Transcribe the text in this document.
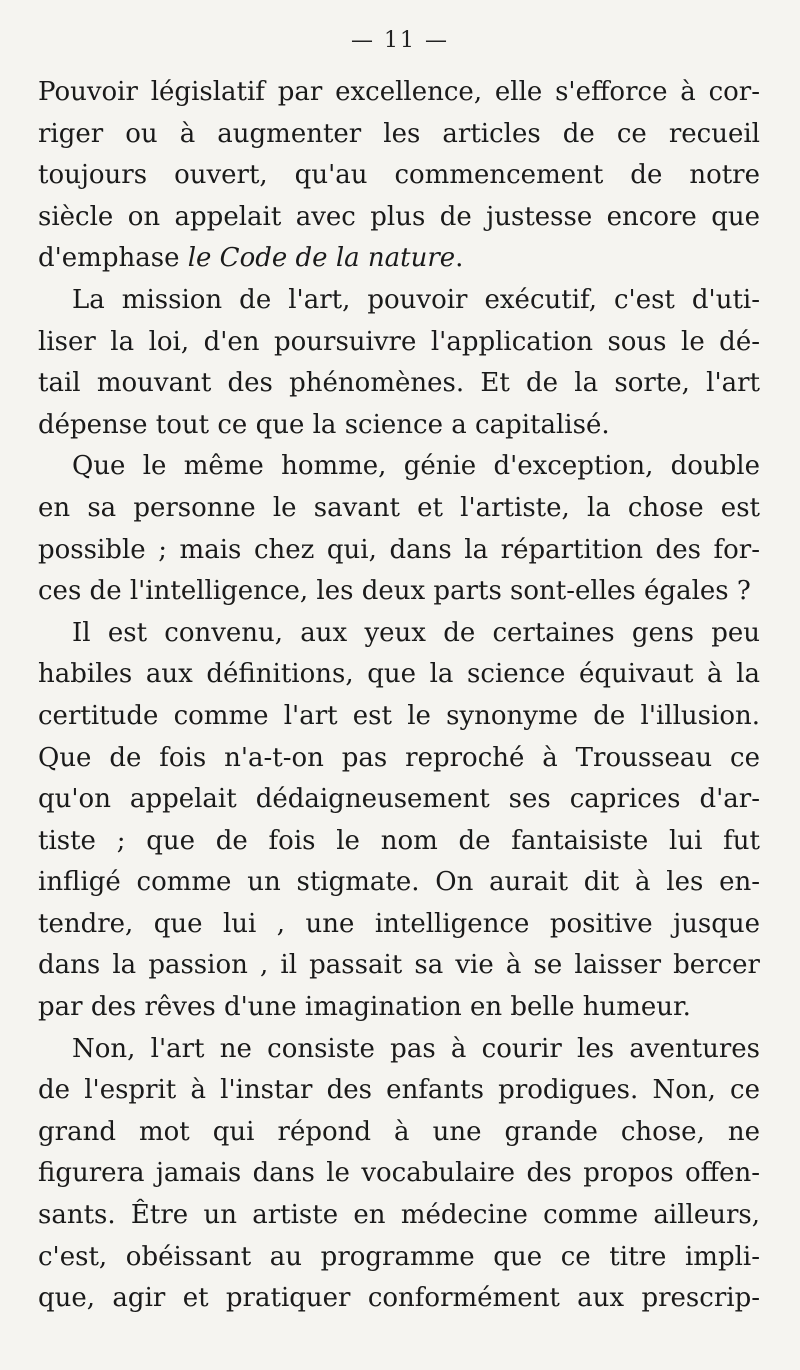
— 11 —
Pouvoir législatif par excellence, elle s'efforce à cor-
riger ou à augmenter les articles de ce recueil
toujours ouvert, qu'au commencement de notre
siècle on appelait avec plus de justesse encore que
d'emphase le Code de la nature.
La mission de l'art, pouvoir exécutif, c'est d'uti-
liser la loi, d'en poursuivre l'application sous le dé-
tail mouvant des phénomènes. Et de la sorte, l'art
dépense tout ce que la science a capitalisé.
Que le même homme, génie d'exception, double
en sa personne le savant et l'artiste, la chose est
possible ; mais chez qui, dans la répartition des for-
ces de l'intelligence, les deux parts sont-elles égales ?
Il est convenu, aux yeux de certaines gens peu
habiles aux définitions, que la science équivaut à la
certitude comme l'art est le synonyme de l'illusion.
Que de fois n'a-t-on pas reproché à Trousseau ce
qu'on appelait dédaigneusement ses caprices d'ar-
tiste ; que de fois le nom de fantaisiste lui fut
infligé comme un stigmate. On aurait dit à les en-
tendre, que lui , une intelligence positive jusque
dans la passion , il passait sa vie à se laisser bercer
par des rêves d'une imagination en belle humeur.
Non, l'art ne consiste pas à courir les aventures
de l'esprit à l'instar des enfants prodigues. Non, ce
grand mot qui répond à une grande chose, ne
figurera jamais dans le vocabulaire des propos offen-
sants. Être un artiste en médecine comme ailleurs,
c'est, obéissant au programme que ce titre impli-
que, agir et pratiquer conformément aux prescrip-
